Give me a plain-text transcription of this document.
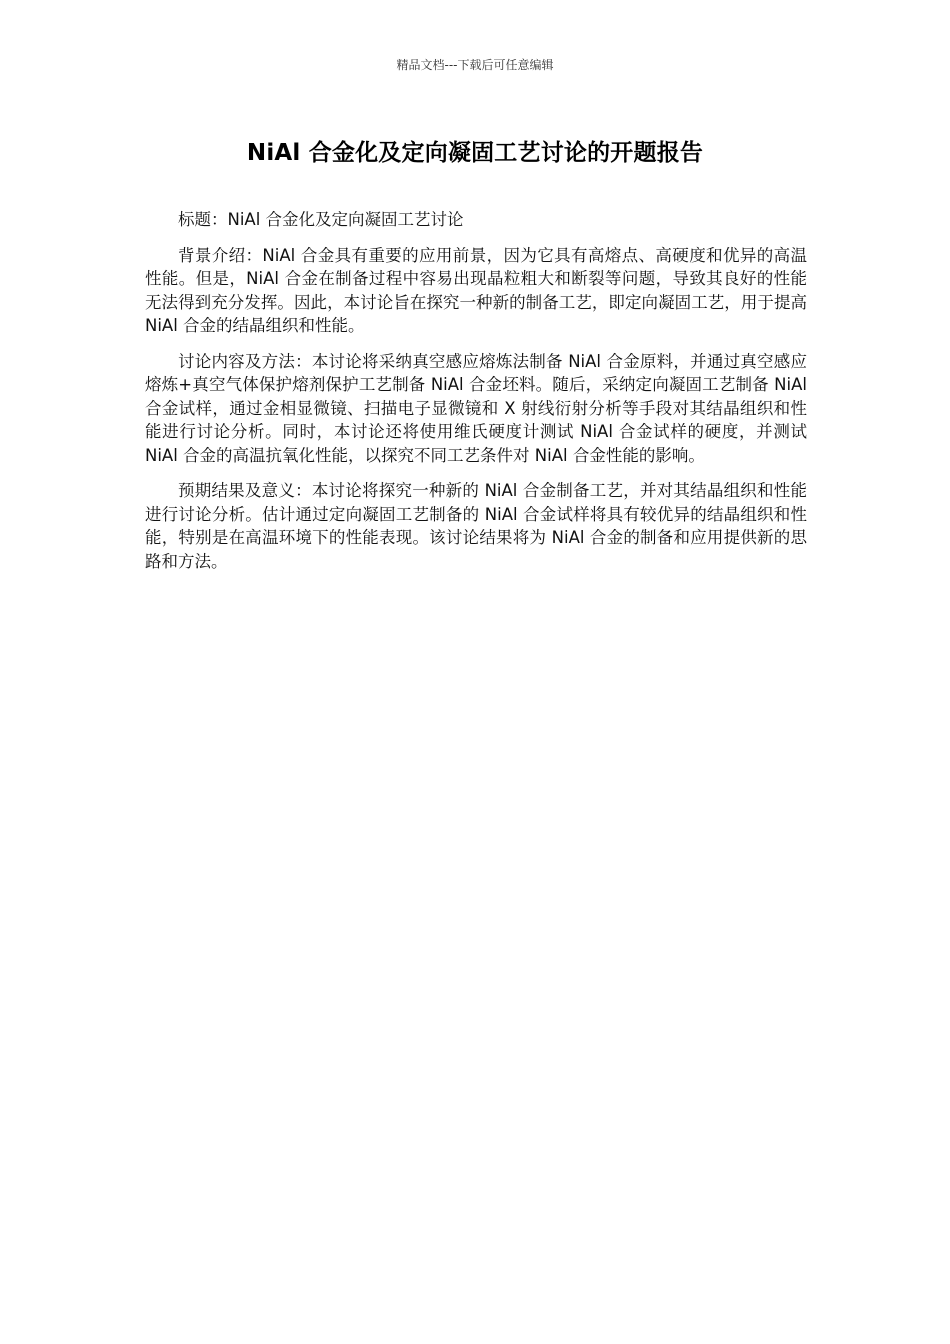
精品文档---下载后可任意编辑
NiAl 合金化及定向凝固工艺讨论的开题报告

标题：NiAl 合金化及定向凝固工艺讨论

背景介绍：NiAl 合金具有重要的应用前景，因为它具有高熔点、高硬度和优异的高温性能。但是，NiAl 合金在制备过程中容易出现晶粒粗大和断裂等问题，导致其良好的性能无法得到充分发挥。因此，本讨论旨在探究一种新的制备工艺，即定向凝固工艺，用于提高 NiAl 合金的结晶组织和性能。

讨论内容及方法：本讨论将采纳真空感应熔炼法制备 NiAl 合金原料，并通过真空感应熔炼+真空气体保护熔剂保护工艺制备 NiAl 合金坯料。随后，采纳定向凝固工艺制备 NiAl 合金试样，通过金相显微镜、扫描电子显微镜和 X 射线衍射分析等手段对其结晶组织和性能进行讨论分析。同时，本讨论还将使用维氏硬度计测试 NiAl 合金试样的硬度，并测试 NiAl 合金的高温抗氧化性能，以探究不同工艺条件对 NiAl 合金性能的影响。

预期结果及意义：本讨论将探究一种新的 NiAl 合金制备工艺，并对其结晶组织和性能进行讨论分析。估计通过定向凝固工艺制备的 NiAl 合金试样将具有较优异的结晶组织和性能，特别是在高温环境下的性能表现。该讨论结果将为 NiAl 合金的制备和应用提供新的思路和方法。
